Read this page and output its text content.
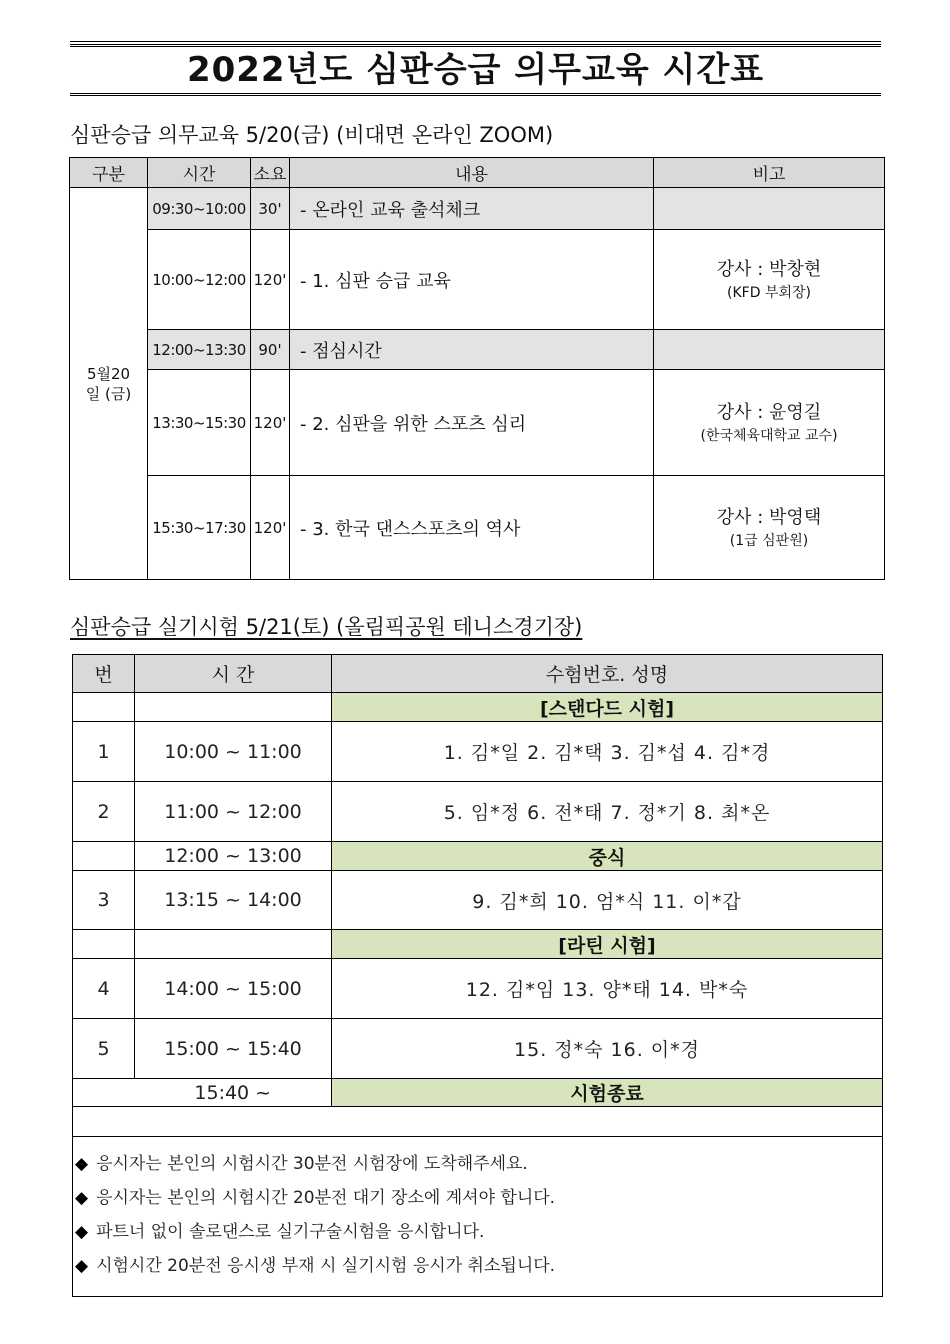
2022년도 심판승급 의무교육 시간표
심판승급 의무교육 5/20(금) (비대면 온라인 ZOOM)
구분	시간	소요	내용	비고
5월20일 (금)	09:30~10:00	30'	- 온라인 교육 출석체크	
	10:00~12:00	120'	- 1. 심판 승급 교육	강사 : 박창현
(KFD 부회장)

	12:00~13:30	90'	- 점심시간	
	13:30~15:30	120'	- 2. 심판을 위한 스포츠 심리	강사 : 윤영길
(한국체육대학교 교수)

	15:30~17:30	120'	- 3. 한국 댄스스포츠의 역사	강사 : 박영택
(1급 심판원)
심판승급 실기시험 5/21(토) (올림픽공원 테니스경기장)
번	시 간	수험번호. 성명
		[스탠다드 시험]
1	10:00 ~ 11:00	1. 김*일 2. 김*택 3. 김*섭 4. 김*경
2	11:00 ~ 12:00	5. 임*정 6. 전*태 7. 정*기 8. 최*온
	12:00 ~ 13:00	중식
3	13:15 ~ 14:00	9. 김*희 10. 엄*식 11. 이*갑
		[라틴 시험]
4	14:00 ~ 15:00	12. 김*임 13. 양*태 14. 박*숙
5	15:00 ~ 15:40	15. 정*숙 16. 이*경
	15:40 ~	시험종료

◆ 응시자는 본인의 시험시간 30분전 시험장에 도착해주세요.
◆ 응시자는 본인의 시험시간 20분전 대기 장소에 계셔야 합니다.
◆ 파트너 없이 솔로댄스로 실기구술시험을 응시합니다.
◆ 시험시간 20분전 응시생 부재 시 실기시험 응시가 취소됩니다.		
